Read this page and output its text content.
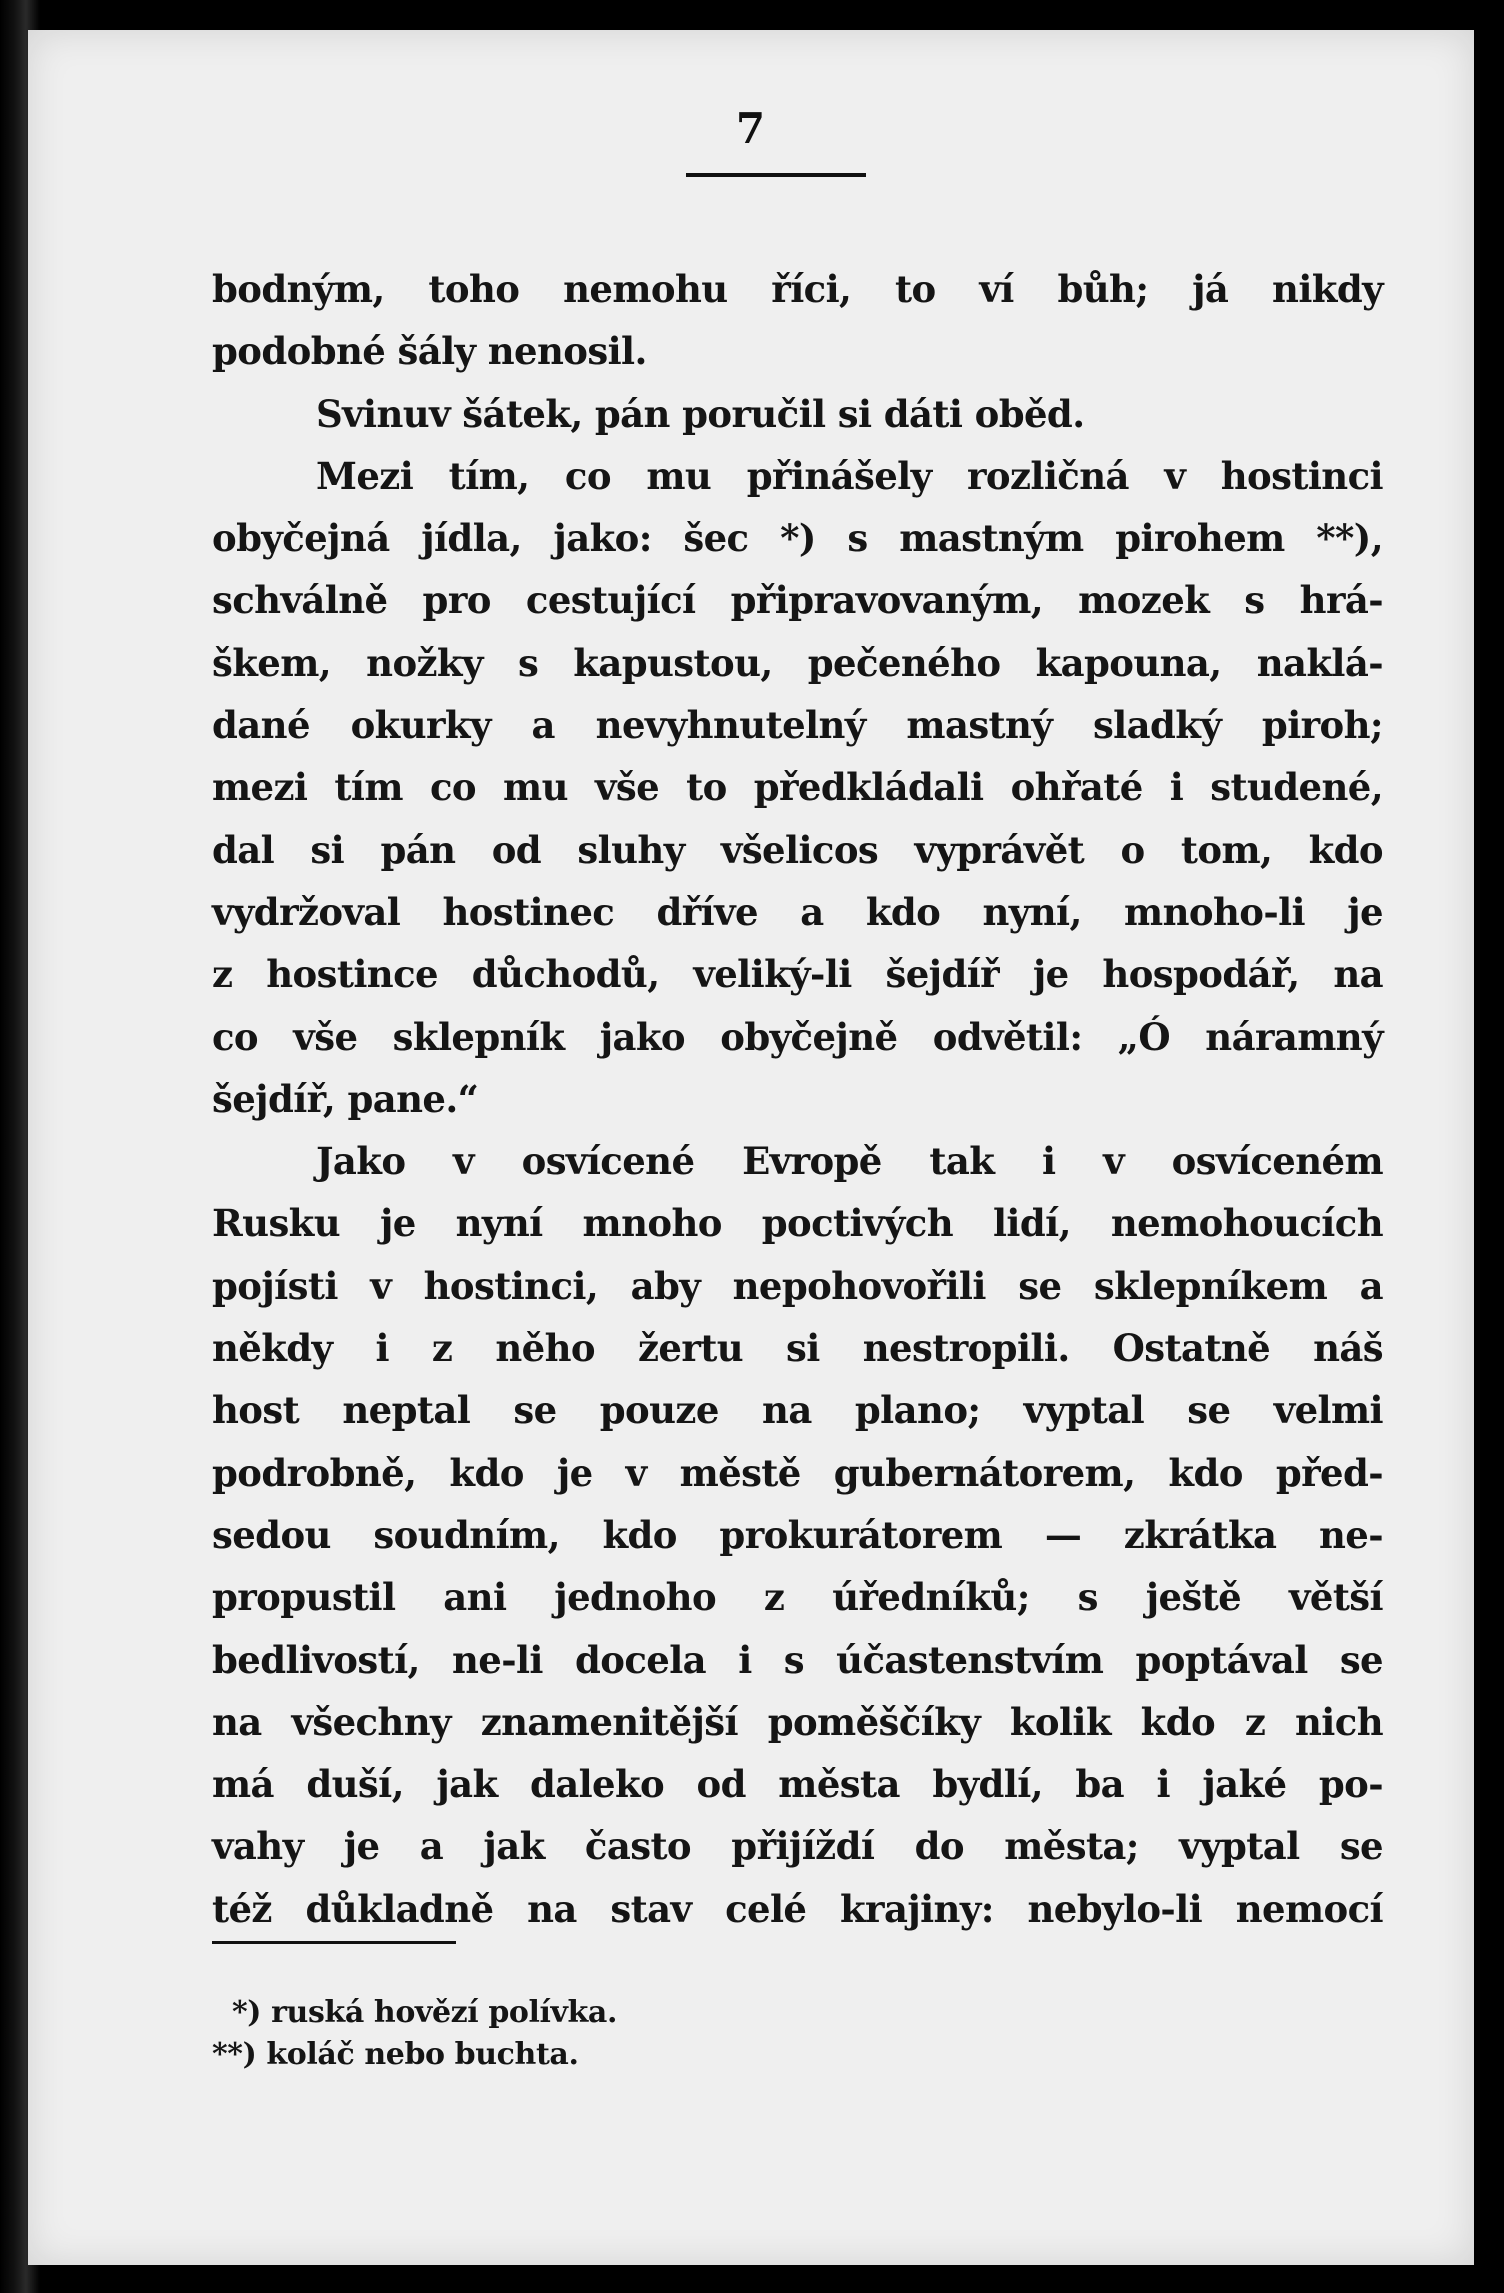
7
bodným, toho nemohu říci, to ví bůh; já nikdy
podobné šály nenosil.
Svinuv šátek, pán poručil si dáti oběd.
Mezi tím, co mu přinášely rozličná v hostinci
obyčejná jídla, jako: šec *) s mastným pirohem **),
schválně pro cestující připravovaným, mozek s hrá-
škem, nožky s kapustou, pečeného kapouna, naklá-
dané okurky a nevyhnutelný mastný sladký piroh;
mezi tím co mu vše to předkládali ohřaté i studené,
dal si pán od sluhy všelicos vyprávět o tom, kdo
vydržoval hostinec dříve a kdo nyní, mnoho-li je
z hostince důchodů, veliký-li šejdíř je hospodář, na
co vše sklepník jako obyčejně odvětil: „Ó náramný
šejdíř, pane.“
Jako v osvícené Evropě tak i v osvíceném
Rusku je nyní mnoho poctivých lidí, nemohoucích
pojísti v hostinci, aby nepohovořili se sklepníkem a
někdy i z něho žertu si nestropili. Ostatně náš
host neptal se pouze na plano; vyptal se velmi
podrobně, kdo je v městě gubernátorem, kdo před-
sedou soudním, kdo prokurátorem — zkrátka ne-
propustil ani jednoho z úředníků; s ještě větší
bedlivostí, ne-li docela i s účastenstvím poptával se
na všechny znamenitější poměščíky kolik kdo z nich
má duší, jak daleko od města bydlí, ba i jaké po-
vahy je a jak často přijíždí do města; vyptal se
též důkladně na stav celé krajiny: nebylo-li nemocí
*) ruská hovězí polívka.
**) koláč nebo buchta.
